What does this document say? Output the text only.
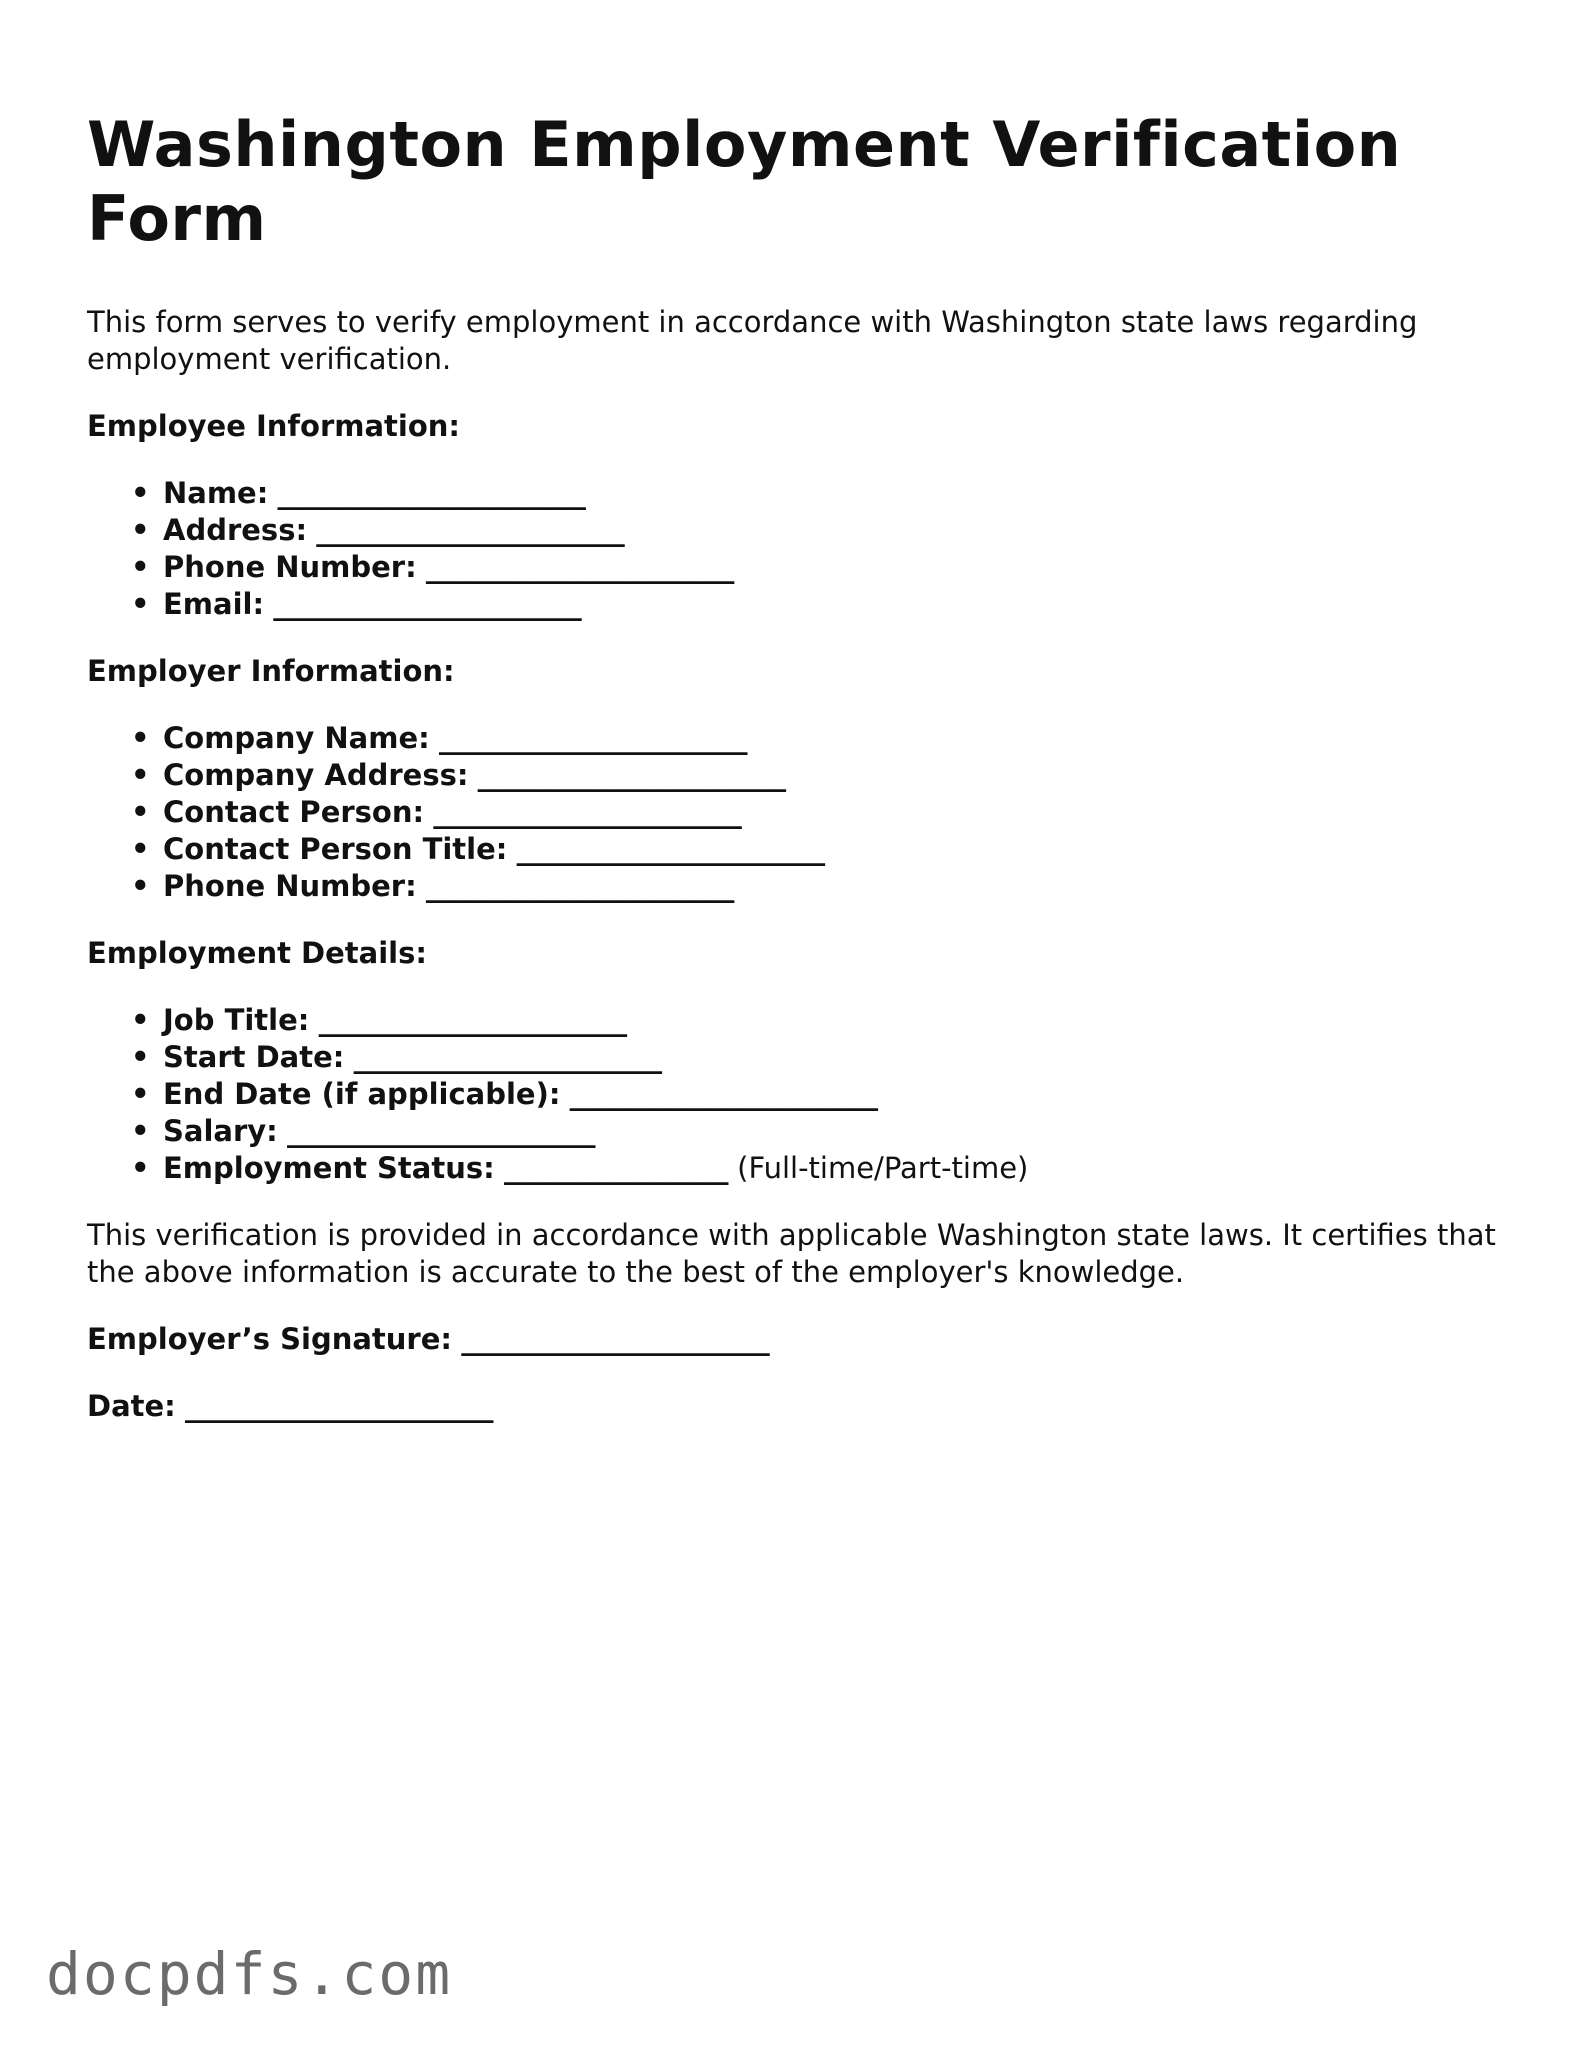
Washington Employment Verification Form

This form serves to verify employment in accordance with Washington state laws regarding employment verification.

Employee Information:
• Name: ______________________
• Address: ______________________
• Phone Number: ______________________
• Email: ______________________
Employer Information:
• Company Name: ______________________
• Company Address: ______________________
• Contact Person: ______________________
• Contact Person Title: ______________________
• Phone Number: ______________________
Employment Details:
• Job Title: ______________________
• Start Date: ______________________
• End Date (if applicable): ______________________
• Salary: ______________________
• Employment Status: ________________ (Full-time/Part-time)

This verification is provided in accordance with applicable Washington state laws. It certifies that the above information is accurate to the best of the employer's knowledge.

Employer’s Signature: ______________________
Date: ______________________
docpdfs.com
